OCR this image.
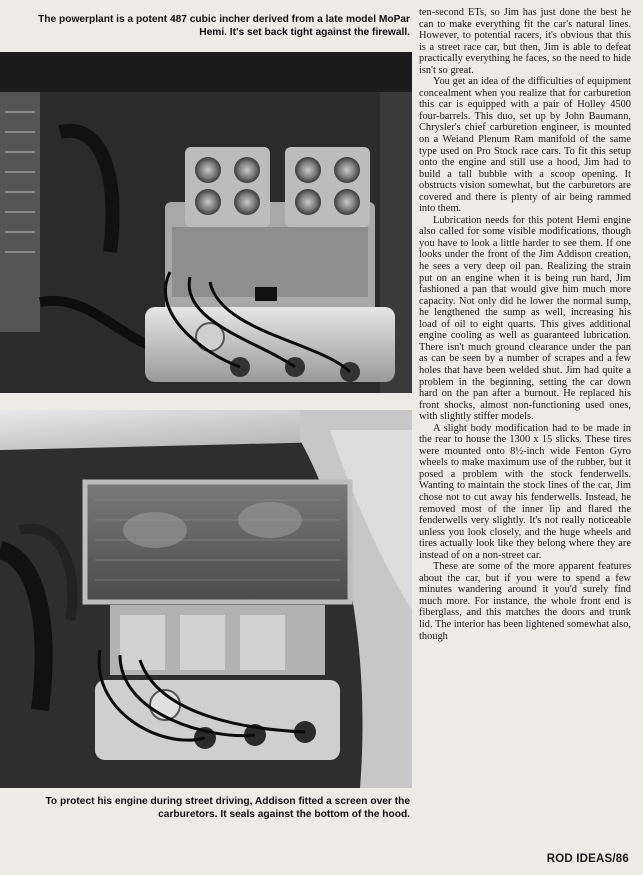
The powerplant is a potent 487 cubic incher derived from a late model MoPar Hemi. It's set back tight against the firewall.
To protect his engine during street driving, Addison fitted a screen over the carburetors. It seals against the bottom of the hood.

ten-second ETs, so Jim has just done the best he can to make everything fit the car's natural lines. However, to potential racers, it's obvious that this is a street race car, but then, Jim is able to defeat practically everything he faces, so the need to hide isn't so great.

You get an idea of the difficulties of equipment concealment when you realize that for carburetion this car is equipped with a pair of Holley 4500 four-barrels. This duo, set up by John Baumann, Chrysler's chief carburetion engineer, is mounted on a Weiand Plenum Ram manifold of the same type used on Pro Stock race cars. To fit this setup onto the engine and still use a hood, Jim had to build a tall bubble with a scoop opening. It obstructs vision somewhat, but the carburetors are covered and there is plenty of air being rammed into them.

Lubrication needs for this potent Hemi engine also called for some visible modifications, though you have to look a little harder to see them. If one looks under the front of the Jim Addison creation, he sees a very deep oil pan. Realizing the strain put on an engine when it is being run hard, Jim fashioned a pan that would give him much more capacity. Not only did he lower the normal sump, he lengthened the sump as well, increasing his load of oil to eight quarts. This gives additional engine cooling as well as guaranteed lubrication. There isn't much ground clearance under the pan as can be seen by a number of scrapes and a few holes that have been welded shut. Jim had quite a problem in the beginning, setting the car down hard on the pan after a burnout. He replaced his front shocks, almost non-functioning used ones, with slightly stiffer models.

A slight body modification had to be made in the rear to house the 1300 x 15 slicks. These tires were mounted onto 8½-inch wide Fenton Gyro wheels to make maximum use of the rubber, but it posed a problem with the stock fenderwells. Wanting to maintain the stock lines of the car, Jim chose not to cut away his fenderwells. Instead, he removed most of the inner lip and flared the fenderwells very slightly. It's not really noticeable unless you look closely, and the huge wheels and tires actually look like they belong where they are instead of on a non-street car.

These are some of the more apparent features about the car, but if you were to spend a few minutes wandering around it you'd surely find much more. For instance, the whole front end is fiberglass, and this matches the doors and trunk lid. The interior has been lightened somewhat also, though

ROD IDEAS/86
